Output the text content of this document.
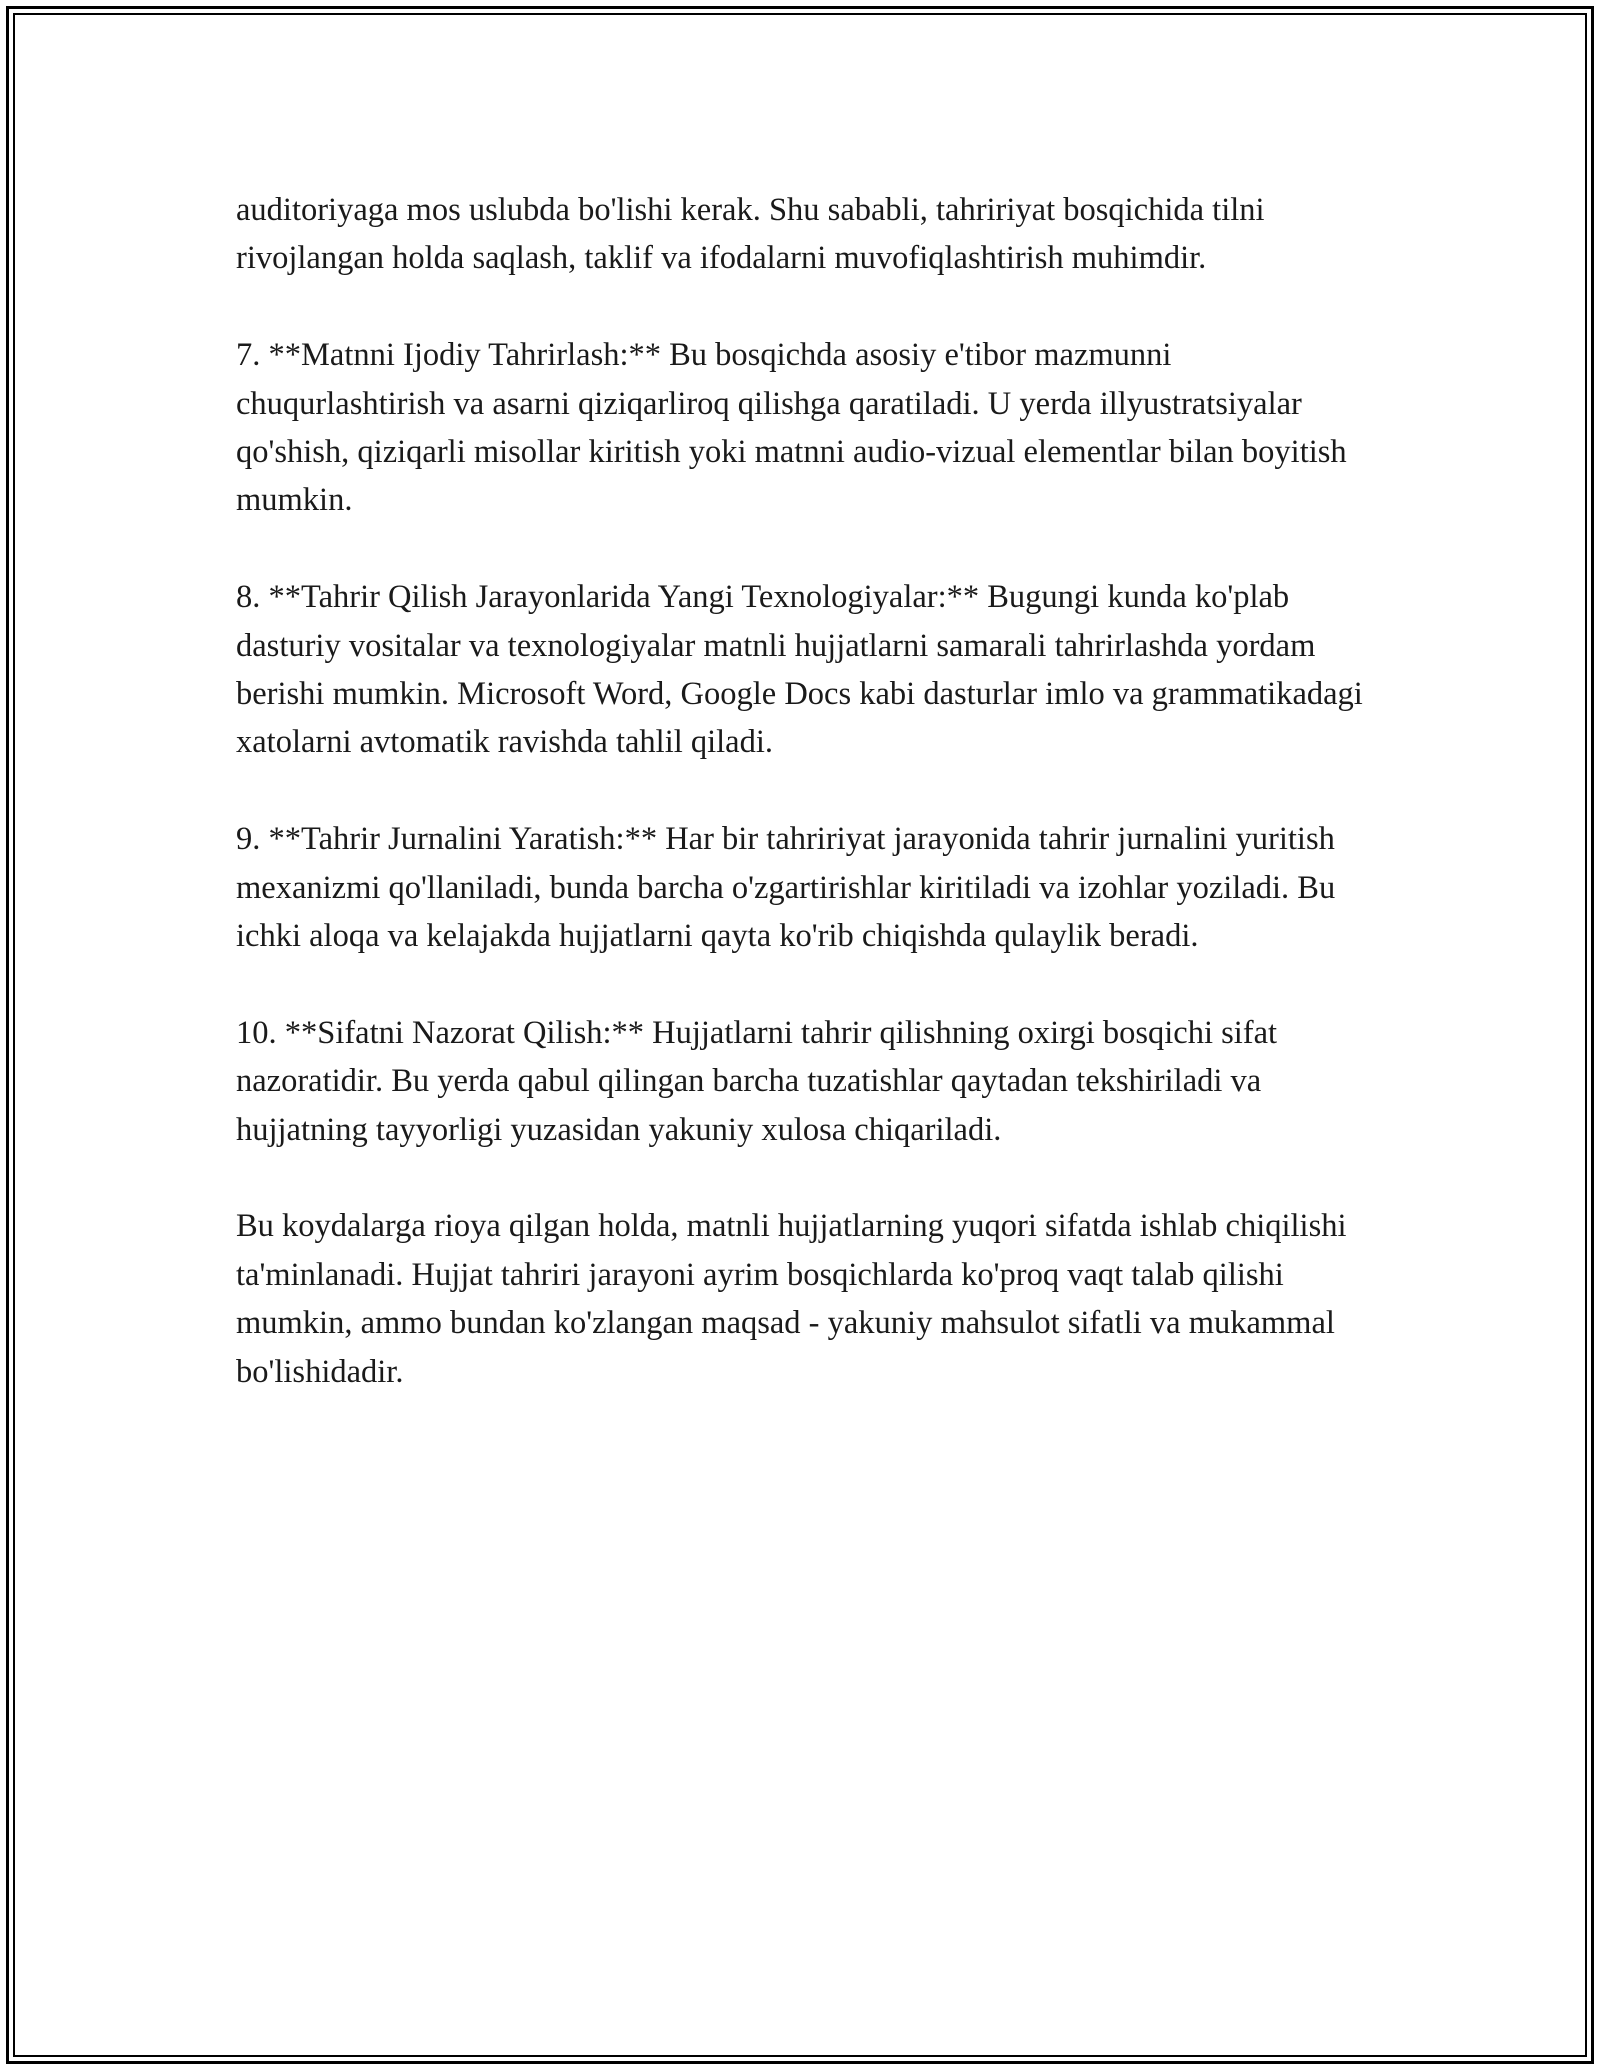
auditoriyaga mos uslubda bo'lishi kerak. Shu sababli, tahririyat bosqichida tilni rivojlangan holda saqlash, taklif va ifodalarni muvofiqlashtirish muhimdir.

7. **Matnni Ijodiy Tahrirlash:** Bu bosqichda asosiy e'tibor mazmunni chuqurlashtirish va asarni qiziqarliroq qilishga qaratiladi. U yerda illyustratsiyalar qo'shish, qiziqarli misollar kiritish yoki matnni audio-vizual elementlar bilan boyitish mumkin.

8. **Tahrir Qilish Jarayonlarida Yangi Texnologiyalar:** Bugungi kunda ko'plab dasturiy vositalar va texnologiyalar matnli hujjatlarni samarali tahrirlashda yordam berishi mumkin. Microsoft Word, Google Docs kabi dasturlar imlo va grammatikadagi xatolarni avtomatik ravishda tahlil qiladi.

9. **Tahrir Jurnalini Yaratish:** Har bir tahririyat jarayonida tahrir jurnalini yuritish mexanizmi qo'llaniladi, bunda barcha o'zgartirishlar kiritiladi va izohlar yoziladi. Bu ichki aloqa va kelajakda hujjatlarni qayta ko'rib chiqishda qulaylik beradi.

10. **Sifatni Nazorat Qilish:** Hujjatlarni tahrir qilishning oxirgi bosqichi sifat nazoratidir. Bu yerda qabul qilingan barcha tuzatishlar qaytadan tekshiriladi va hujjatning tayyorligi yuzasidan yakuniy xulosa chiqariladi.

Bu koydalarga rioya qilgan holda, matnli hujjatlarning yuqori sifatda ishlab chiqilishi ta'minlanadi. Hujjat tahriri jarayoni ayrim bosqichlarda ko'proq vaqt talab qilishi mumkin, ammo bundan ko'zlangan maqsad - yakuniy mahsulot sifatli va mukammal bo'lishidadir.
